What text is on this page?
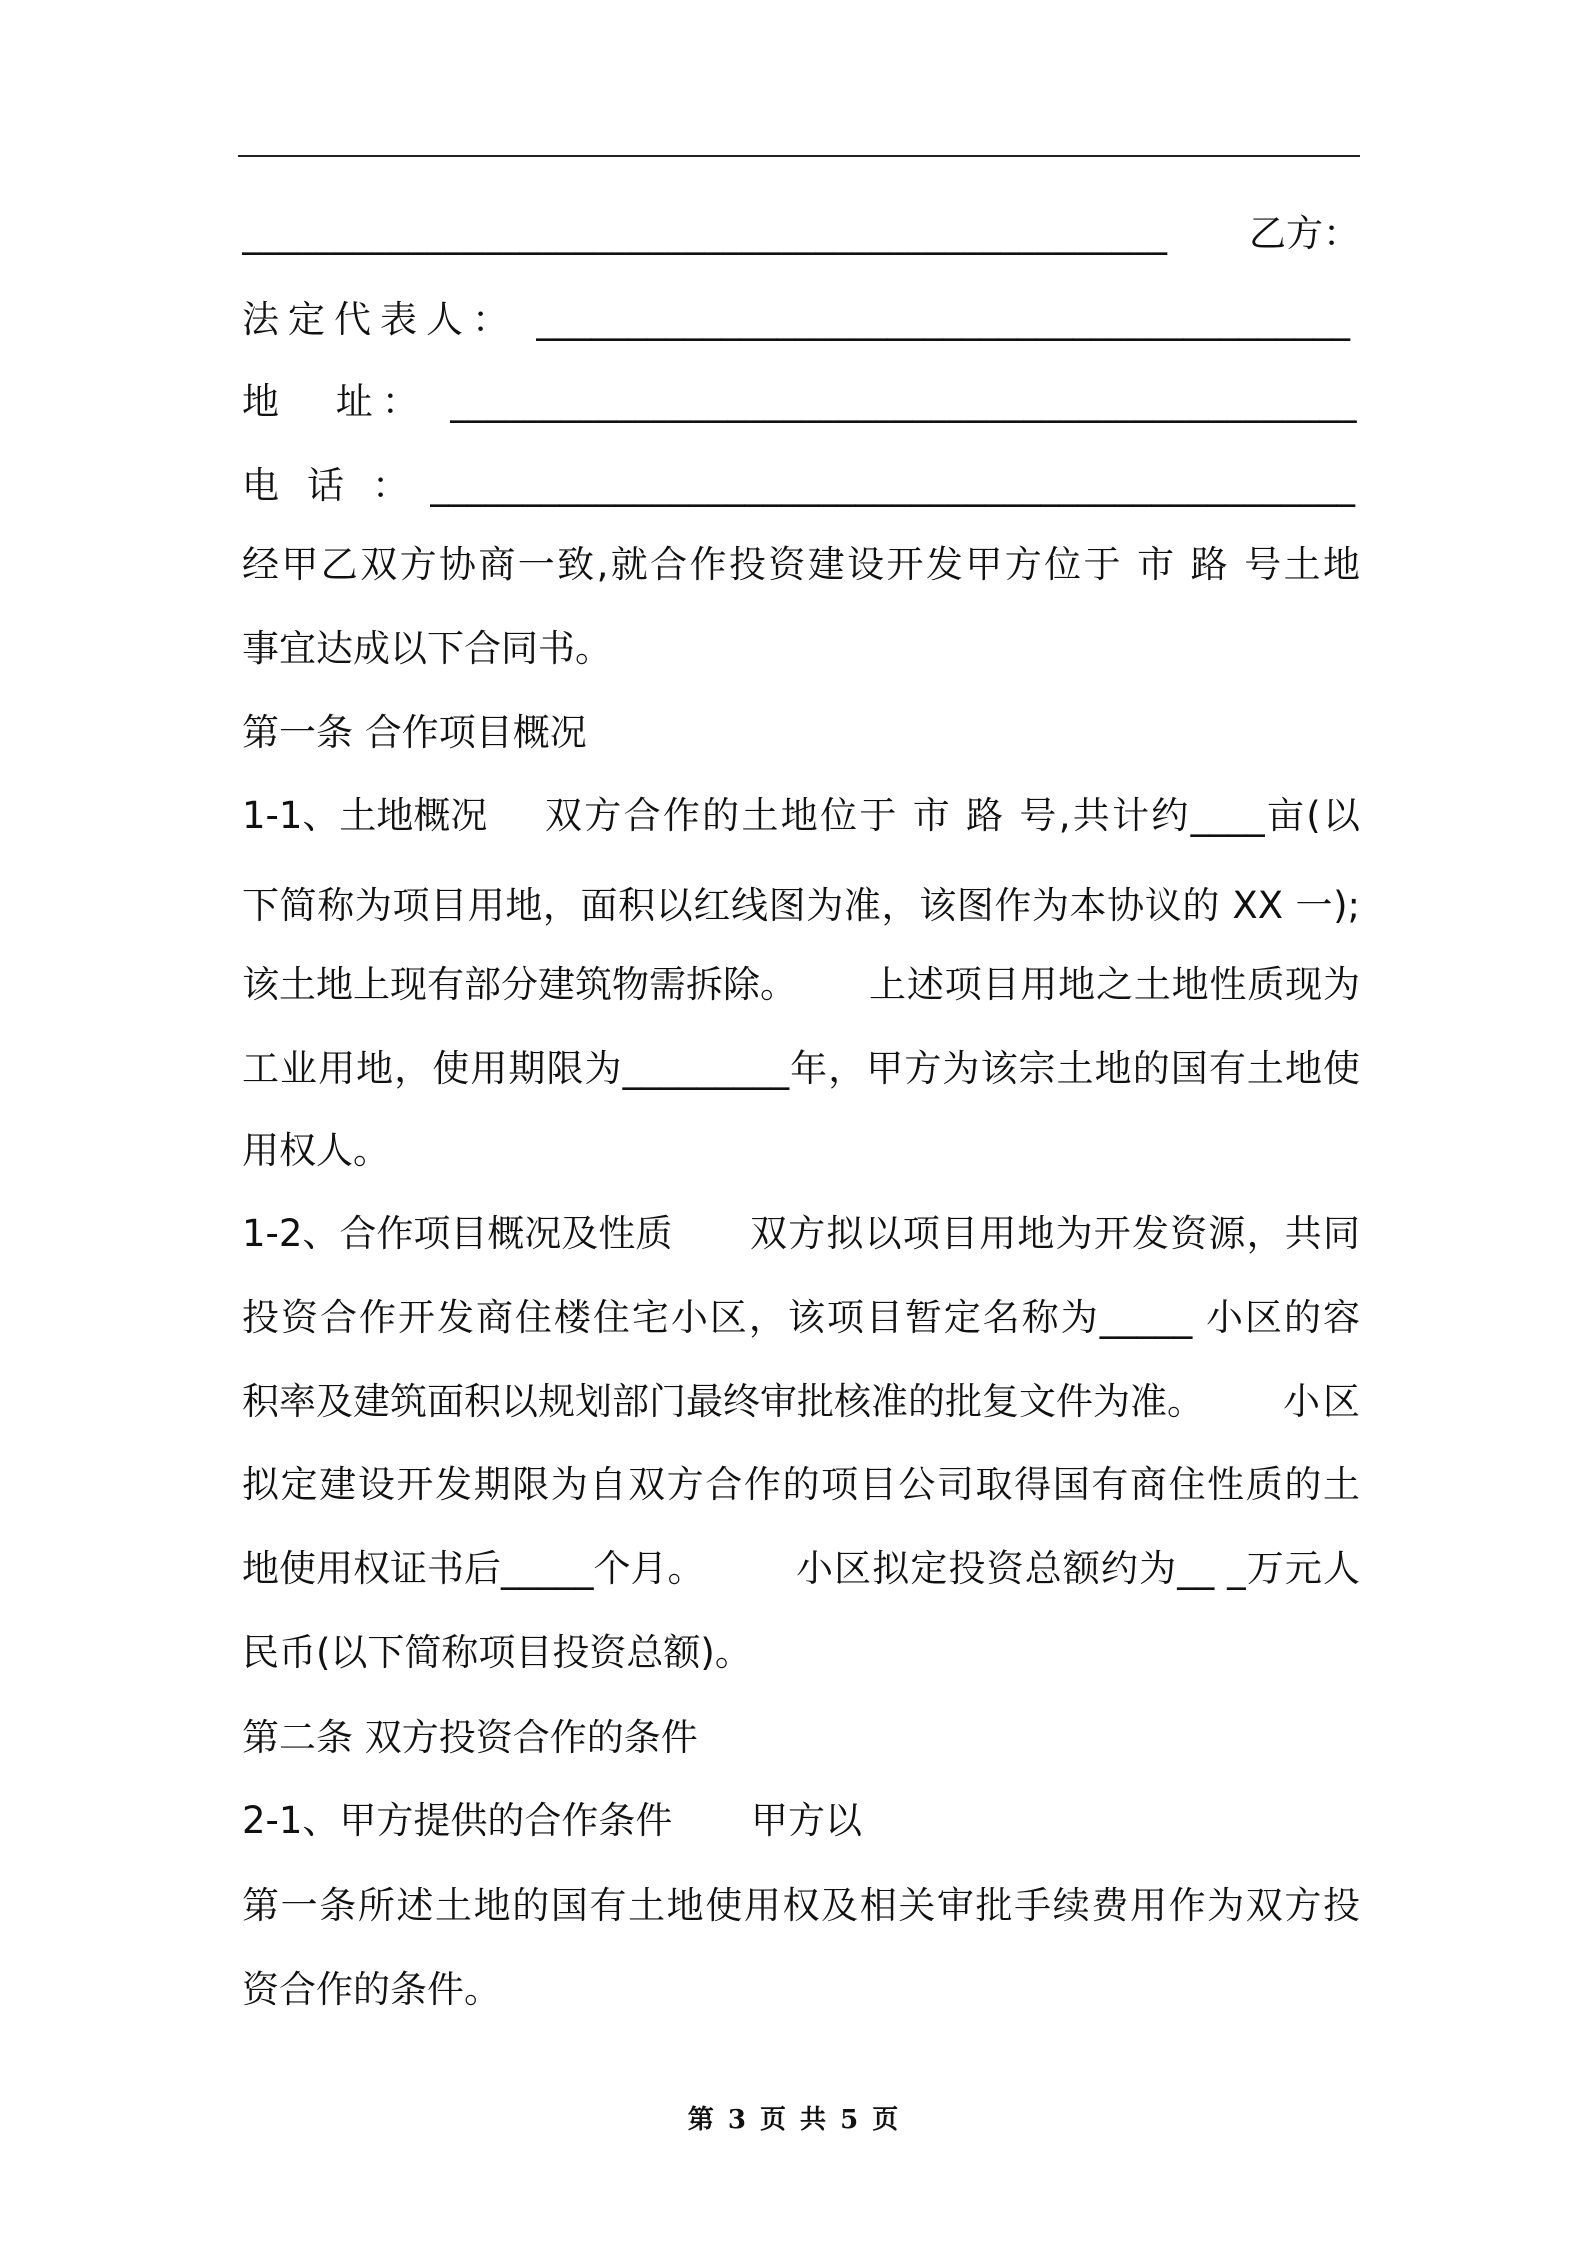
__________________________________________________ 乙方：
法定代表人： ____________________________________________
地 址： _________________________________________________
电话：
__________________________________________________
经甲乙双方协商一致,就合作投资建设开发甲方位于 市 路 号土地
事宜达成以下合同书。
第一条 合作项目概况
1-1、土地概况 双方合作的土地位于 市 路 号,共计约____亩(以
下简称为项目用地，面积以红线图为准，该图作为本协议的 XX 一);
该土地上现有部分建筑物需拆除。 上述项目用地之土地性质现为
工业用地，使用期限为_________年，甲方为该宗土地的国有土地使
用权人。
1-2、合作项目概况及性质 双方拟以项目用地为开发资源，共同
投资合作开发商住楼住宅小区，该项目暂定名称为_____ 小区的容
积率及建筑面积以规划部门最终审批核准的批复文件为准。 小区
拟定建设开发期限为自双方合作的项目公司取得国有商住性质的土
地使用权证书后_____个月。 小区拟定投资总额约为__ _万元人
民币(以下简称项目投资总额)。
第二条 双方投资合作的条件
2-1、甲方提供的合作条件 甲方以
第一条所述土地的国有土地使用权及相关审批手续费用作为双方投
资合作的条件。
第 3 页 共 5 页
